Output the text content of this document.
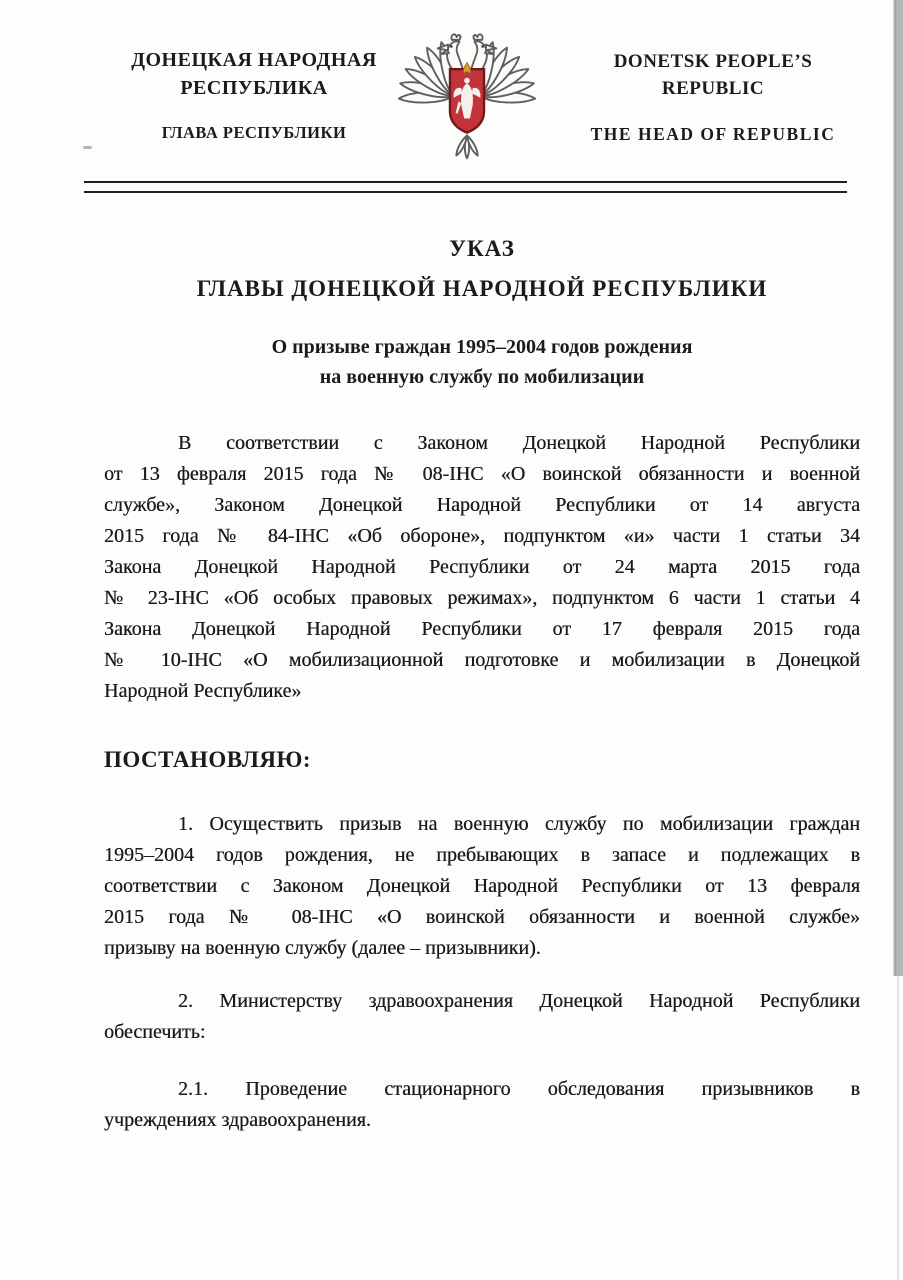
ДОНЕЦКАЯ НАРОДНАЯ
РЕСПУБЛИКА
ГЛАВА РЕСПУБЛИКИ
DONETSK PEOPLE’S
REPUBLIC
THE HEAD OF REPUBLIC
УКАЗ
ГЛАВЫ ДОНЕЦКОЙ НАРОДНОЙ РЕСПУБЛИКИ
О призыве граждан 1995–2004 годов рождения
на военную службу по мобилизации
В соответствии с Законом Донецкой Народной Республики
от 13 февраля 2015 года № 08-ІНС «О воинской обязанности и военной
службе», Законом Донецкой Народной Республики от 14 августа
2015 года № 84-ІНС «Об обороне», подпунктом «и» части 1 статьи 34
Закона Донецкой Народной Республики от 24 марта 2015 года
№ 23-ІНС «Об особых правовых режимах», подпунктом 6 части 1 статьи 4
Закона Донецкой Народной Республики от 17 февраля 2015 года
№ 10-ІНС «О мобилизационной подготовке и мобилизации в Донецкой
Народной Республике»
ПОСТАНОВЛЯЮ:
1. Осуществить призыв на военную службу по мобилизации граждан
1995–2004 годов рождения, не пребывающих в запасе и подлежащих в
соответствии с Законом Донецкой Народной Республики от 13 февраля
2015 года № 08-ІНС «О воинской обязанности и военной службе»
призыву на военную службу (далее – призывники).
2. Министерству здравоохранения Донецкой Народной Республики
обеспечить:
2.1. Проведение стационарного обследования призывников в
учреждениях здравоохранения.
